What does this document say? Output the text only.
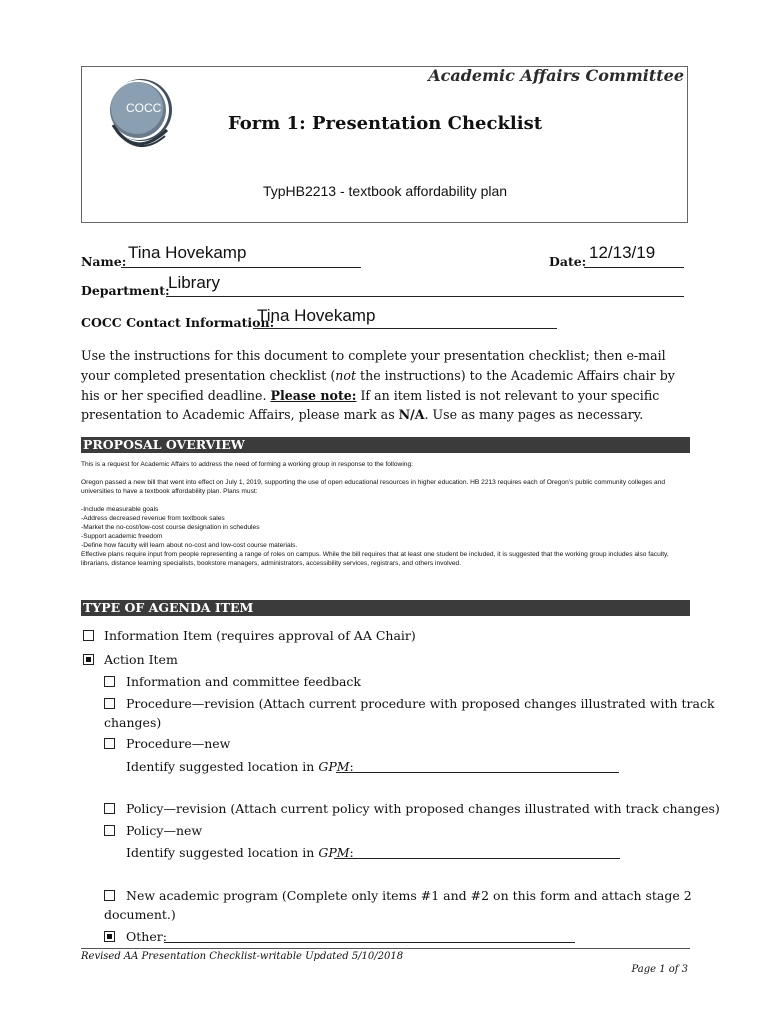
COCC
Academic Affairs Committee
Form 1: Presentation Checklist
TypHB2213 - textbook affordability plan
Name: Tina Hovekamp	Date: 12/13/19
Department:
Library
COCC Contact Information:
Tina Hovekamp
Use the instructions for this document to complete your presentation checklist; then e-mail your completed presentation checklist (not the instructions) to the Academic Affairs chair by his or her specified deadline. Please note: If an item listed is not relevant to your specific presentation to Academic Affairs, please mark as N/A. Use as many pages as necessary.
PROPOSAL OVERVIEW
This is a request for Academic Affairs to address the need of forming a working group in response to the following:
Oregon passed a new bill that went into effect on July 1, 2019, supporting the use of open educational resources in higher education. HB 2213 requires each of Oregon’s public community colleges and universities to have a textbook affordability plan. Plans must:
-Include measurable goals
-Address decreased revenue from textbook sales
-Market the no-cost/low-cost course designation in schedules
-Support academic freedom
-Define how faculty will learn about no-cost and low-cost course materials.
Effective plans require input from people representing a range of roles on campus. While the bill requires that at least one student be included, it is suggested that the working group includes also faculty, librarians, distance learning specialists, bookstore managers, administrators, accessibility services, registrars, and others involved.
TYPE OF AGENDA ITEM
Information Item (requires approval of AA Chair)
Action Item
Information and committee feedback
Procedure—revision (Attach current procedure with proposed changes illustrated with track
changes)
Procedure—new
Identify suggested location in GPM:
Policy—revision (Attach current policy with proposed changes illustrated with track changes)
Policy—new
Identify suggested location in GPM:
New academic program (Complete only items #1 and #2 on this form and attach stage 2
document.)
Other:
Revised AA Presentation Checklist-writable Updated 5/10/2018
Page 1 of 3
